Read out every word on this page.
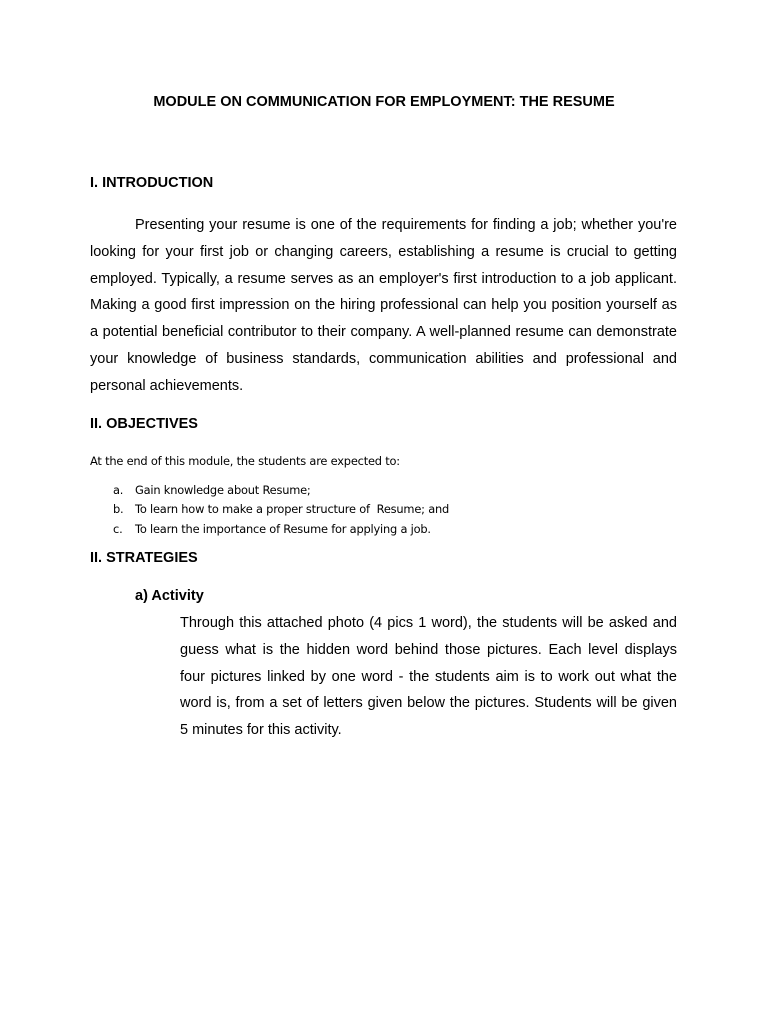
MODULE ON COMMUNICATION FOR EMPLOYMENT: THE RESUME
I. INTRODUCTION

Presenting your resume is one of the requirements for finding a job; whether you're looking for your first job or changing careers, establishing a resume is crucial to getting employed. Typically, a resume serves as an employer's first introduction to a job applicant. Making a good first impression on the hiring professional can help you position yourself as a potential beneficial contributor to their company. A well-planned resume can demonstrate your knowledge of business standards, communication abilities and professional and personal achievements.

II. OBJECTIVES

At the end of this module, the students are expected to:

a. Gain knowledge about Resume;
b. To learn how to make a proper structure of  Resume; and
c. To learn the importance of Resume for applying a job.
II. STRATEGIES
a) Activity

Through this attached photo (4 pics 1 word), the students will be asked and guess what is the hidden word behind those pictures. Each level displays four pictures linked by one word - the students aim is to work out what the word is, from a set of letters given below the pictures. Students will be given 5 minutes for this activity.
